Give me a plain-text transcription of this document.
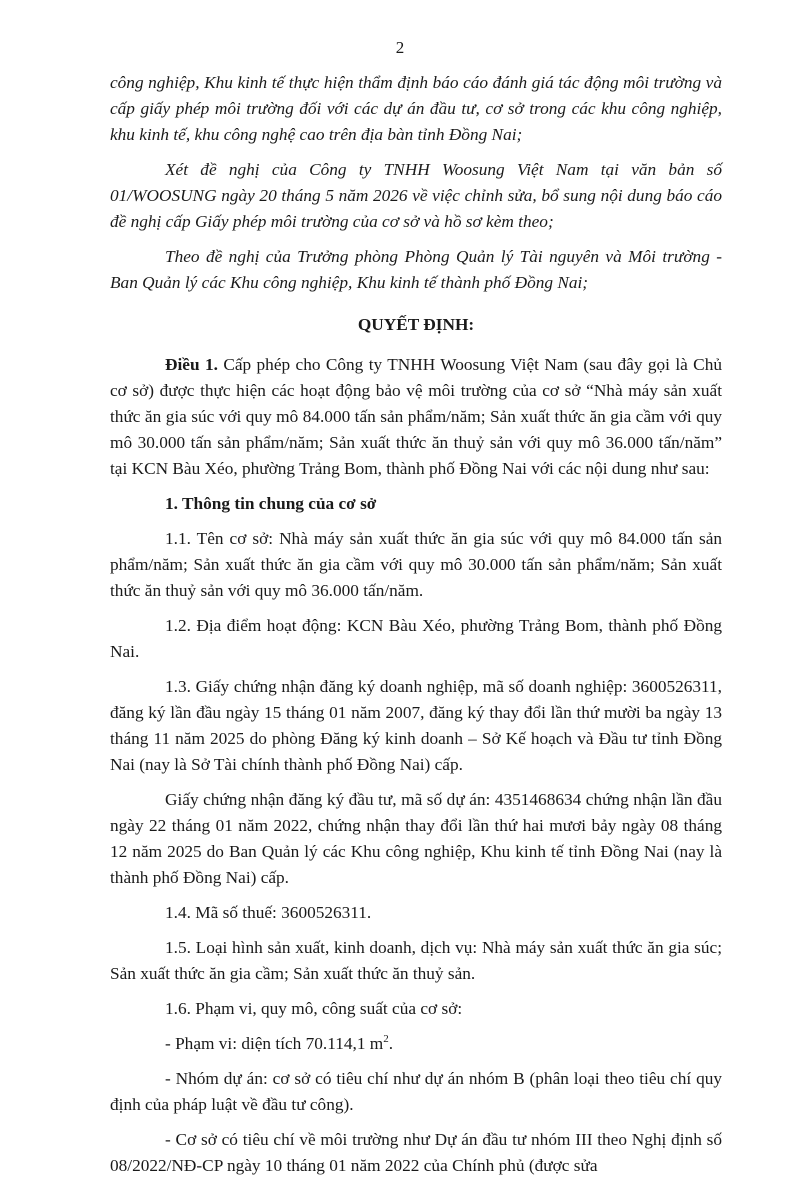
2

công nghiệp, Khu kinh tế thực hiện thẩm định báo cáo đánh giá tác động môi trường và cấp giấy phép môi trường đối với các dự án đầu tư, cơ sở trong các khu công nghiệp, khu kinh tế, khu công nghệ cao trên địa bàn tỉnh Đồng Nai;

Xét đề nghị của Công ty TNHH Woosung Việt Nam tại văn bản số 01/WOOSUNG ngày 20 tháng 5 năm 2026 về việc chỉnh sửa, bổ sung nội dung báo cáo đề nghị cấp Giấy phép môi trường của cơ sở và hồ sơ kèm theo;

Theo đề nghị của Trưởng phòng Phòng Quản lý Tài nguyên và Môi trường - Ban Quản lý các Khu công nghiệp, Khu kinh tế thành phố Đồng Nai;

QUYẾT ĐỊNH:

Điều 1. Cấp phép cho Công ty TNHH Woosung Việt Nam (sau đây gọi là Chủ cơ sở) được thực hiện các hoạt động bảo vệ môi trường của cơ sở “Nhà máy sản xuất thức ăn gia súc với quy mô 84.000 tấn sản phẩm/năm; Sản xuất thức ăn gia cầm với quy mô 30.000 tấn sản phẩm/năm; Sản xuất thức ăn thuỷ sản với quy mô 36.000 tấn/năm” tại KCN Bàu Xéo, phường Trảng Bom, thành phố Đồng Nai với các nội dung như sau:

1. Thông tin chung của cơ sở

1.1. Tên cơ sở: Nhà máy sản xuất thức ăn gia súc với quy mô 84.000 tấn sản phẩm/năm; Sản xuất thức ăn gia cầm với quy mô 30.000 tấn sản phẩm/năm; Sản xuất thức ăn thuỷ sản với quy mô 36.000 tấn/năm.

1.2. Địa điểm hoạt động: KCN Bàu Xéo, phường Trảng Bom, thành phố Đồng Nai.

1.3. Giấy chứng nhận đăng ký doanh nghiệp, mã số doanh nghiệp: 3600526311, đăng ký lần đầu ngày 15 tháng 01 năm 2007, đăng ký thay đổi lần thứ mười ba ngày 13 tháng 11 năm 2025 do phòng Đăng ký kinh doanh – Sở Kế hoạch và Đầu tư tỉnh Đồng Nai (nay là Sở Tài chính thành phố Đồng Nai) cấp.

Giấy chứng nhận đăng ký đầu tư, mã số dự án: 4351468634 chứng nhận lần đầu ngày 22 tháng 01 năm 2022, chứng nhận thay đổi lần thứ hai mươi bảy ngày 08 tháng 12 năm 2025 do Ban Quản lý các Khu công nghiệp, Khu kinh tế tỉnh Đồng Nai (nay là thành phố Đồng Nai) cấp.

1.4. Mã số thuế: 3600526311.

1.5. Loại hình sản xuất, kinh doanh, dịch vụ: Nhà máy sản xuất thức ăn gia súc; Sản xuất thức ăn gia cầm; Sản xuất thức ăn thuỷ sản.

1.6. Phạm vi, quy mô, công suất của cơ sở:

- Phạm vi: diện tích 70.114,1 $m^2$.

- Nhóm dự án: cơ sở có tiêu chí như dự án nhóm B (phân loại theo tiêu chí quy định của pháp luật về đầu tư công).

- Cơ sở có tiêu chí về môi trường như Dự án đầu tư nhóm III theo Nghị định số 08/2022/NĐ-CP ngày 10 tháng 01 năm 2022 của Chính phủ (được sửa
